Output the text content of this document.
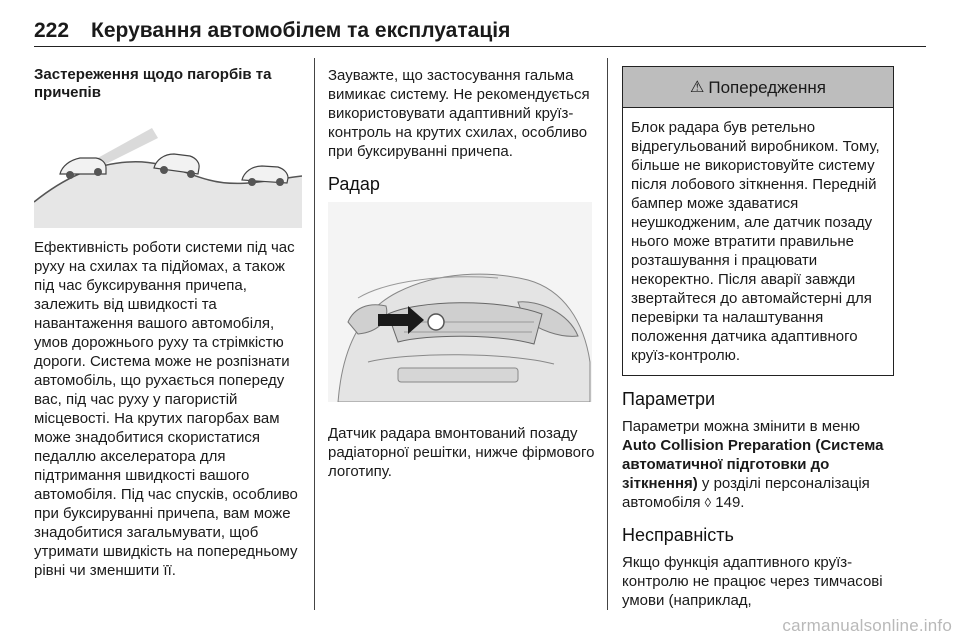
222 Керування автомобілем та експлуатація

Застереження щодо пагорбів та причепів

Ефективність роботи системи під час руху на схилах та підйомах, а також під час буксирування причепа, залежить від швидкості та навантаження вашого автомобіля, умов дорожнього руху та стрімкістю дороги. Система може не розпізнати автомобіль, що рухається попереду вас, під час руху у пагористій місцевості. На крутих пагорбах вам може знадобитися скористатися педаллю акселератора для підтримання швидкості вашого автомобіля. Під час спусків, особливо при буксируванні причепа, вам може знадобитися загальмувати, щоб утримати швидкість на попередньому рівні чи зменшити її.

Зауважте, що застосування гальма вимикає систему. Не рекомендується використовувати адаптивний круїз-контроль на крутих схилах, особливо при буксируванні причепа.

Радар

Датчик радара вмонтований позаду радіаторної решітки, нижче фірмового логотипу.

⚠ Попередження
Блок радара був ретельно відрегульований виробником. Тому, більше не використовуйте систему після лобового зіткнення. Передній бампер може здаватися неушкодженим, але датчик позаду нього може втратити правильне розташування і працювати некоректно. Після аварії завжди звертайтеся до автомайстерні для перевірки та налаштування положення датчика адаптивного круїз-контролю.

Параметри

Параметри можна змінити в меню Auto Collision Preparation (Система автоматичної підготовки до зіткнення) у розділі персоналізація автомобіля ◊ 149.

Несправність

Якщо функція адаптивного круїз-контролю не працює через тимчасові умови (наприклад,

carmanualsonline.info
